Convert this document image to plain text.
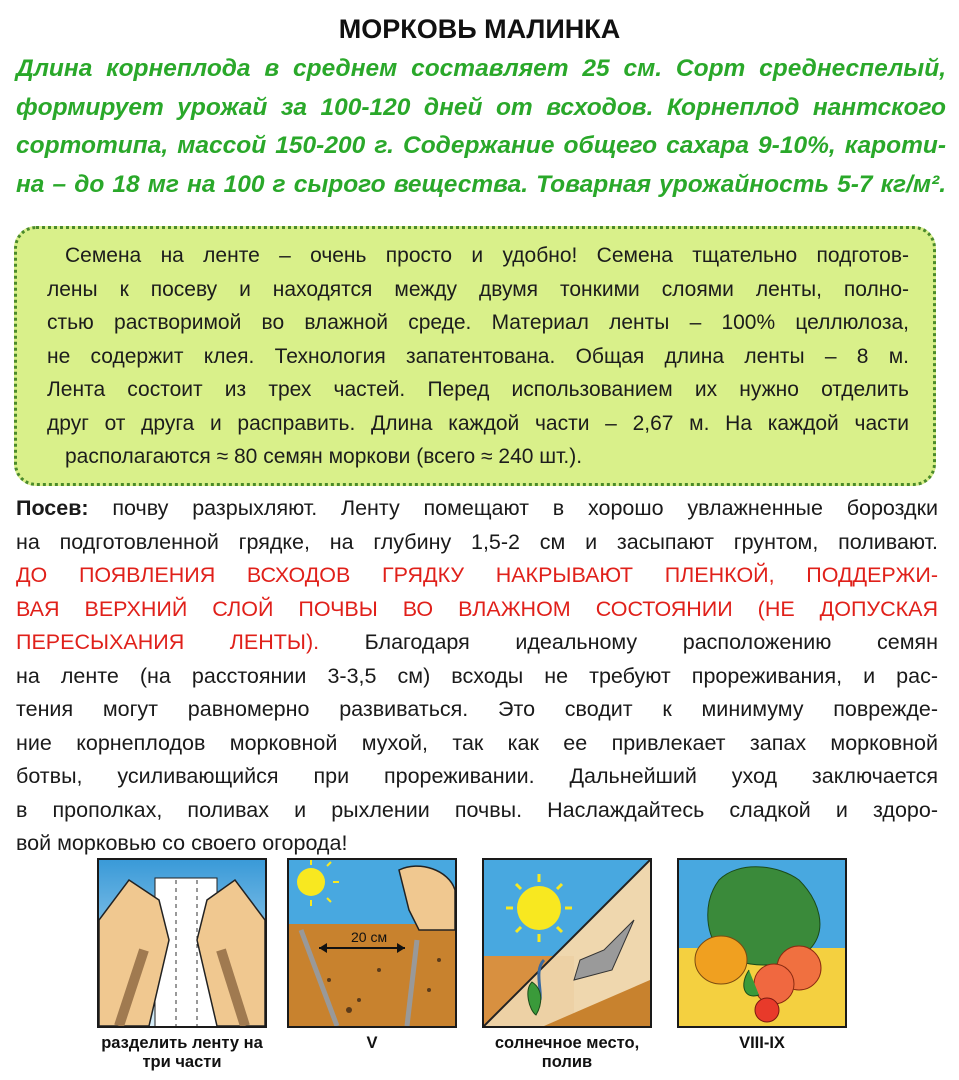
МОРКОВЬ МАЛИНКА
Длина корнеплода в среднем составляет 25 см. Сорт среднеспелый,
формирует урожай за 100-120 дней от всходов. Корнеплод нантского
сортотипа, массой 150-200 г. Содержание общего сахара 9-10%, кароти-
на – до 18 мг на 100 г сырого вещества. Товарная урожайность 5-7 кг/м².
Семена на ленте – очень просто и удобно! Семена тщательно подготов-
лены к посеву и находятся между двумя тонкими слоями ленты, полно-
стью растворимой во влажной среде. Материал ленты – 100% целлюлоза,
не содержит клея. Технология запатентована. Общая длина ленты – 8 м.
Лента состоит из трех частей. Перед использованием их нужно отделить
друг от друга и расправить. Длина каждой части – 2,67 м. На каждой части
располагаются ≈ 80 семян моркови (всего ≈ 240 шт.).
Посев: почву разрыхляют. Ленту помещают в хорошо увлажненные бороздки
на подготовленной грядке, на глубину 1,5-2 см и засыпают грунтом, поливают.
ДО ПОЯВЛЕНИЯ ВСХОДОВ ГРЯДКУ НАКРЫВАЮТ ПЛЕНКОЙ, ПОДДЕРЖИ-
ВАЯ ВЕРХНИЙ СЛОЙ ПОЧВЫ ВО ВЛАЖНОМ СОСТОЯНИИ (НЕ ДОПУСКАЯ
ПЕРЕСЫХАНИЯ ЛЕНТЫ). Благодаря идеальному расположению семян
на ленте (на расстоянии 3-3,5 см) всходы не требуют прореживания, и рас-
тения могут равномерно развиваться. Это сводит к минимуму поврежде-
ние корнеплодов морковной мухой, так как ее привлекает запах морковной
ботвы, усиливающийся при прореживании. Дальнейший уход заключается
в прополках, поливах и рыхлении почвы. Наслаждайтесь сладкой и здоро-
вой морковью со своего огорода!
разделить ленту на три части
20 см
V	солнечное место, полив
VIII-IX
